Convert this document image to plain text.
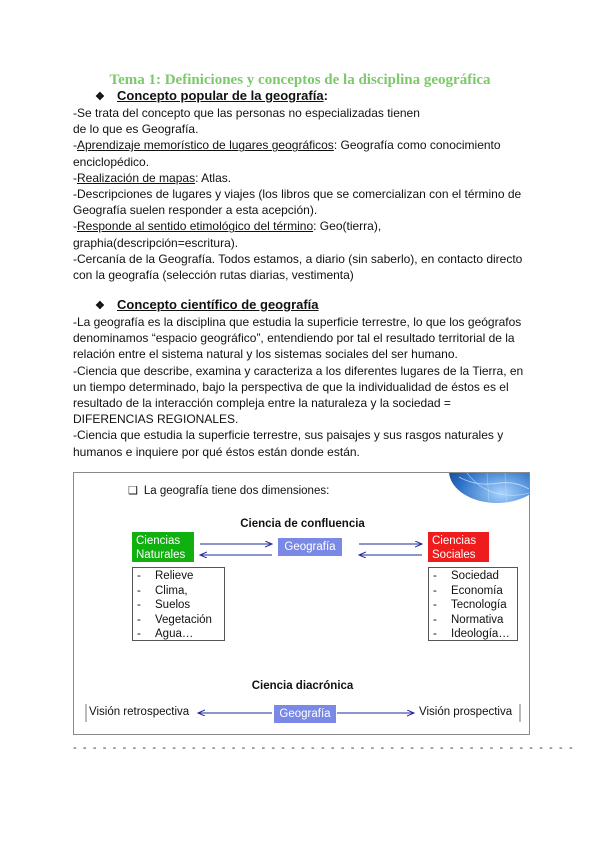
Tema 1: Definiciones y conceptos de la disciplina geográfica
❖ Concepto popular de la geografía:

-Se trata del concepto que las personas no especializadas tienen

de lo que es Geografía.

-Aprendizaje memorístico de lugares geográficos: Geografía como conocimiento

enciclopédico.

-Realización de mapas: Atlas.

-Descripciones de lugares y viajes (los libros que se comercializan con el término de

Geografía suelen responder a esta acepción).

-Responde al sentido etimológico del término: Geo(tierra),

graphia(descripción=escritura).

-Cercanía de la Geografía. Todos estamos, a diario (sin saberlo), en contacto directo

con la geografía (selección rutas diarias, vestimenta)

❖ Concepto científico de geografía

-La geografía es la disciplina que estudia la superficie terrestre, lo que los geógrafos

denominamos “espacio geográfico”, entendiendo por tal el resultado territorial de la

relación entre el sistema natural y los sistemas sociales del ser humano.

-Ciencia que describe, examina y caracteriza a los diferentes lugares de la Tierra, en

un tiempo determinado, bajo la perspectiva de que la individualidad de éstos es el

resultado de la interacción compleja entre la naturaleza y la sociedad =

DIFERENCIAS REGIONALES.

-Ciencia que estudia la superficie terrestre, sus paisajes y sus rasgos naturales y

humanos e inquiere por qué éstos están donde están.

❑ La geografía tiene dos dimensiones:
Ciencia de confluencia
Ciencias
Naturales
Ciencias
Sociales
Geografía
- Relieve
- Clima,
- Suelos
- Vegetación
- Agua…
- Sociedad
- Economía
- Tecnología
- Normativa
- Ideología…
Ciencia diacrónica
Visión retrospectiva	Geografía	Visión prospectiva
- - - - - - - - - - - - - - - - - - - - - - - - - - - - - - - - - - - - - - - - - - - - - - - - - - -
